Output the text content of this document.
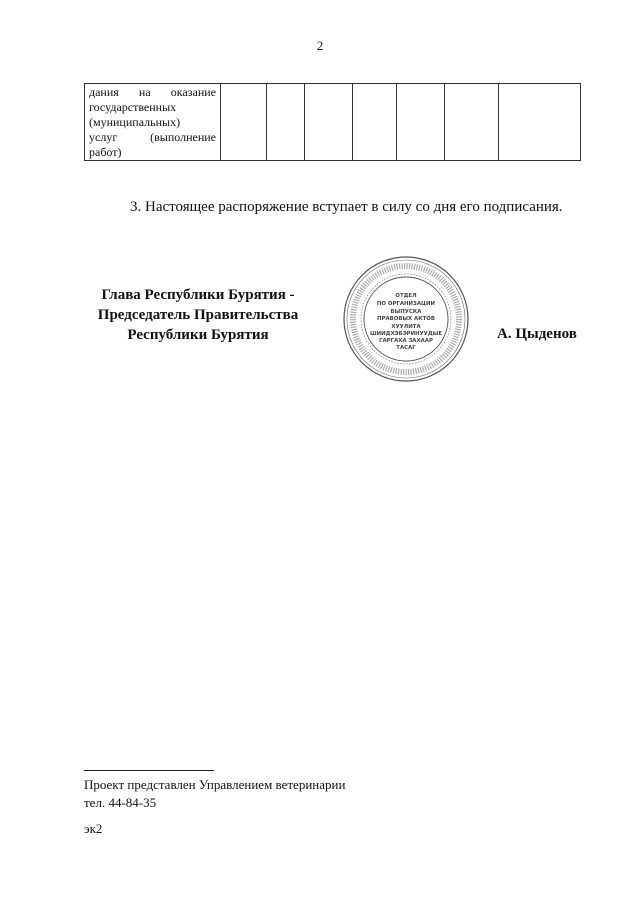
2
дания на оказание
государственных
(муниципальных)
услуг (выполнение
работ)

3. Настоящее распоряжение вступает в силу со дня его подписания.
Глава Республики Бурятия -
Председатель Правительства
Республики Бурятия
ОТДЕЛ
ПО ОРГАНИЗАЦИИ
ВЫПУСКА
ПРАВОВЫХ АКТОВ
ХУУЛИТА
ШИИДХЭБЭРИНУУДЫЕ
ГАРГАХА ЗАХААР
ТАСАГ
А. Цыденов
Проект представлен Управлением ветеринарии
тел. 44-84-35
эк2
